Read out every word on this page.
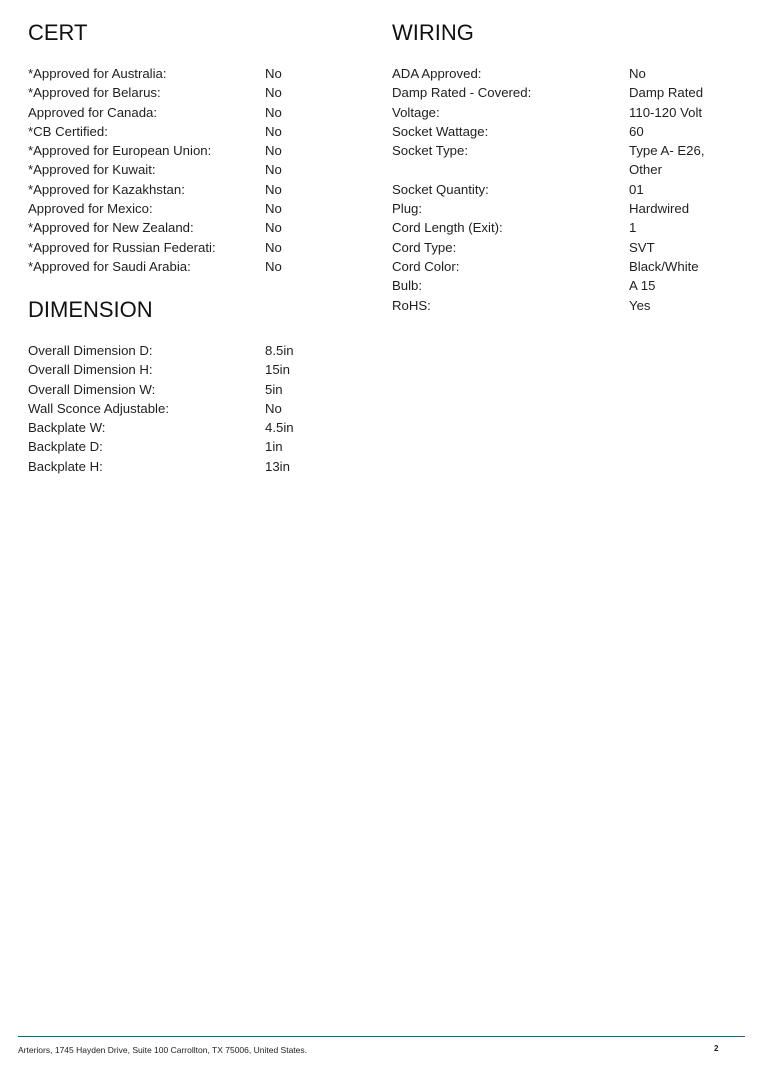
CERT
*Approved for Australia:	No
*Approved for Belarus:	No
Approved for Canada:	No
*CB Certified:	No
*Approved for European Union:	No
*Approved for Kuwait:	No
*Approved for Kazakhstan:	No
Approved for Mexico:	No
*Approved for New Zealand:	No
*Approved for Russian Federati:	No
*Approved for Saudi Arabia:	No
DIMENSION
Overall Dimension D:	8.5in
Overall Dimension H:	15in
Overall Dimension W:	5in
Wall Sconce Adjustable:	No
Backplate W:	4.5in
Backplate D:	1in
Backplate H:	13in
WIRING
ADA Approved:	No
Damp Rated - Covered:	Damp Rated
Voltage:	110-120 Volt
Socket Wattage:	60
Socket Type:	Type A- E26, Other
Socket Quantity:	01
Plug:	Hardwired
Cord Length (Exit):	1
Cord Type:	SVT
Cord Color:	Black/White
Bulb:	A 15
RoHS:	Yes
Arteriors, 1745 Hayden Drive, Suite 100 Carrollton, TX 75006, United States.	2
